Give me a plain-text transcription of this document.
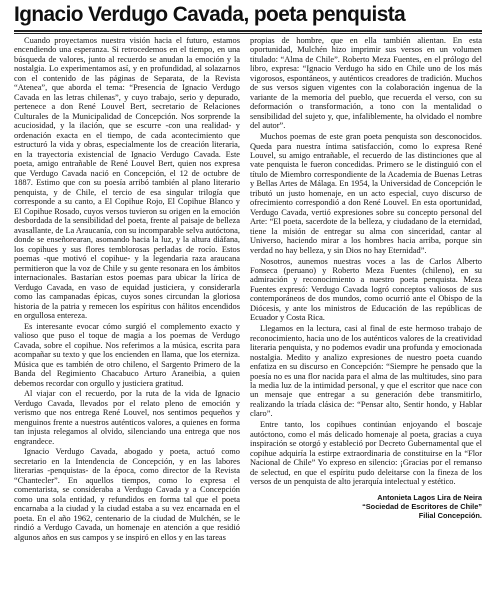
Ignacio Verdugo Cavada, poeta penquista

Cuando proyectamos nuestra visión hacia el futuro, estamos encendiendo una esperanza. Si retrocedemos en el tiempo, en una búsqueda de valores, junto al recuerdo se anudan la emoción y la nostalgia. Lo experimentamos así, y en profundidad, al solazarnos con el contenido de las páginas de Separata, de la Revista “Atenea”, que aborda el tema: “Presencia de Ignacio Verdugo Cavada en las letras chilenas”, y cuyo trabajo, serio y depurado, pertenece a don René Louvel Bert, secretario de Relaciones Culturales de la Municipalidad de Concepción. Nos sorprende la acuciosidad, y la ilación, que se escurre -con una realidad- y ordenación exacta en el tiempo, de cada acontecimiento que estructuró la vida y obras, especialmente los de creación literaria, en la trayectoria existencial de Ignacio Verdugo Cavada. Este poeta, amigo entrañable de René Louvel Bert, quien nos expresa que Verdugo Cavada nació en Concepción, el 12 de octubre de 1887. Estimo que con su poesía arribó también al plano literario penquista, y de Chile, el tercio de esa singular trilogía que corresponde a su canto, a El Copihue Rojo, El Copihue Blanco y El Copihue Rosado, cuyos versos tuvieron su origen en la emoción desbordada de la sensibilidad del poeta, frente al paisaje de belleza avasallante, de La Araucanía, con su incomparable selva autóctona, donde se enseñorearan, asomando hacia la luz, y la altura diáfana, los copihues y sus flores temblorosas perladas de rocío. Estos poemas -que motivó el copihue- y la legendaria raza araucana permitieron que la voz de Chile y su gente resonara en los ámbitos internacionales. Bastarían estos poemas para ubicar la lírica de Verdugo Cavada, en vaso de equidad justiciera, y considerarla como las campanadas épicas, cuyos sones circundan la gloriosa historia de la patria y remecen los espíritus con hálitos encendidos en orgullosa entereza.

Es interesante evocar cómo surgió el complemento exacto y valioso que puso el toque de magia a los poemas de Verdugo Cavada, sobre el copihue. Nos referimos a la música, escrita para acompañar su texto y que los encienden en llama, que los eterniza. Música que es también de otro chileno, el Sargento Primero de la Banda del Regimiento Chacabuco Arturo Araneibia, a quien debemos recordar con orgullo y justiciera gratitud.

Al viajar con el recuerdo, por la ruta de la vida de Ignacio Verdugo Cavada, llevados por el relato pleno de emoción y verismo que nos entrega René Louvel, nos sentimos pequeños y menguinos frente a nuestros auténticos valores, a quienes en forma tan injusta relegamos al olvido, silenciando una entrega que nos engrandece.

Ignacio Verdugo Cavada, abogado y poeta, actuó como secretario en la Intendencia de Concepción, y en las labores literarias -penquistas- de la época, como director de la Revista “Chantecler”. En aquellos tiempos, como lo expresa el comentarista, se consideraba a Verdugo Cavada y a Concepción como una sola entidad, y refundidos en forma tal que el poeta encarnaba a la ciudad y la ciudad estaba a su vez encarnada en el poeta. En el año 1962, centenario de la ciudad de Mulchén, se le rindió a Verdugo Cavada, un homenaje en atención a que residió algunos años en sus campos y se inspiró en ellos y en las tareas

propias de hombre, que en ella también alientan. En esta oportunidad, Mulchén hizo imprimir sus versos en un volumen titulado: “Alma de Chile”. Roberto Meza Fuentes, en el prólogo del libro, expresa: “Ignacio Verdugo ha sido en Chile uno de los más vigorosos, espontáneos, y auténticos creadores de tradición. Muchos de sus versos siguen vigentes con la colaboración ingenua de la variante de la memoria del pueblo, que recuerda el verso, con su deformación o transformación, a tono con la mentalidad o sensibilidad del sujeto y, que, infaliblemente, ha olvidado el nombre del autor”.

Muchos poemas de este gran poeta penquista son desconocidos. Queda para nuestra íntima satisfacción, como lo expresa René Louvel, su amigo entrañable, el recuerdo de las distinciones que al vate penquista le fueron concedidas. Primero se le distinguió con el título de Miembro correspondiente de la Academia de Buenas Letras y Bellas Artes de Málaga. En 1954, la Universidad de Concepción le tributó un justo homenaje, en un acto especial, cuyo discurso de ofrecimiento correspondió a don René Louvel. En esta oportunidad, Verdugo Cavada, vertió expresiones sobre su concepto personal del Arte: “El poeta, sacerdote de la belleza, y ciudadano de la eternidad, tiene la misión de entregar su alma con sinceridad, cantar al Universo, haciendo mirar a los hombres hacia arriba, porque sin verdad no hay belleza, y sin Dios no hay Eternidad”.

Nosotros, aunemos nuestras voces a las de Carlos Alberto Fonseca (peruano) y Roberto Meza Fuentes (chileno), en su admiración y reconocimiento a nuestro poeta penquista. Meza Fuentes expresó: Verdugo Cavada logró conceptos valiosos de sus contemporáneos de dos mundos, como ocurrió ante el Obispo de la Diócesis, y ante los ministros de Educación de las repúblicas de Ecuador y Costa Rica.

Llegamos en la lectura, casi al final de este hermoso trabajo de reconocimiento, hacia uno de los auténticos valores de la creatividad literaria penquista, y no podemos evadir una profunda y emocionada nostalgia. Medito y analizo expresiones de nuestro poeta cuando enfatiza en su discurso en Concepción: “Siempre he pensado que la poesía no es una flor nacida para el alma de las multitudes, sino para la media luz de la intimidad personal, y que el escritor que nace con un mensaje que entregar a su generación debe transmitirlo, realizando la tríada clásica de: “Pensar alto, Sentir hondo, y Hablar claro”.

Entre tanto, los copihues continúan enjoyando el boscaje autóctono, como el más delicado homenaje al poeta, gracias a cuya inspiración se otorgó y estableció por Decreto Gubernamental que el copihue adquiría la estirpe extraordinaria de constituirse en la “Flor Nacional de Chile” Yo expreso en silencio: ¡Gracias por el remanso de selectud, en que el espíritu pudo deleitarse con la fineza de los versos de un penquista de alto jerarquía intelectual y estético.

Antonieta Lagos Lira de Neira
“Sociedad de Escritores de Chile”
Filial Concepción.
